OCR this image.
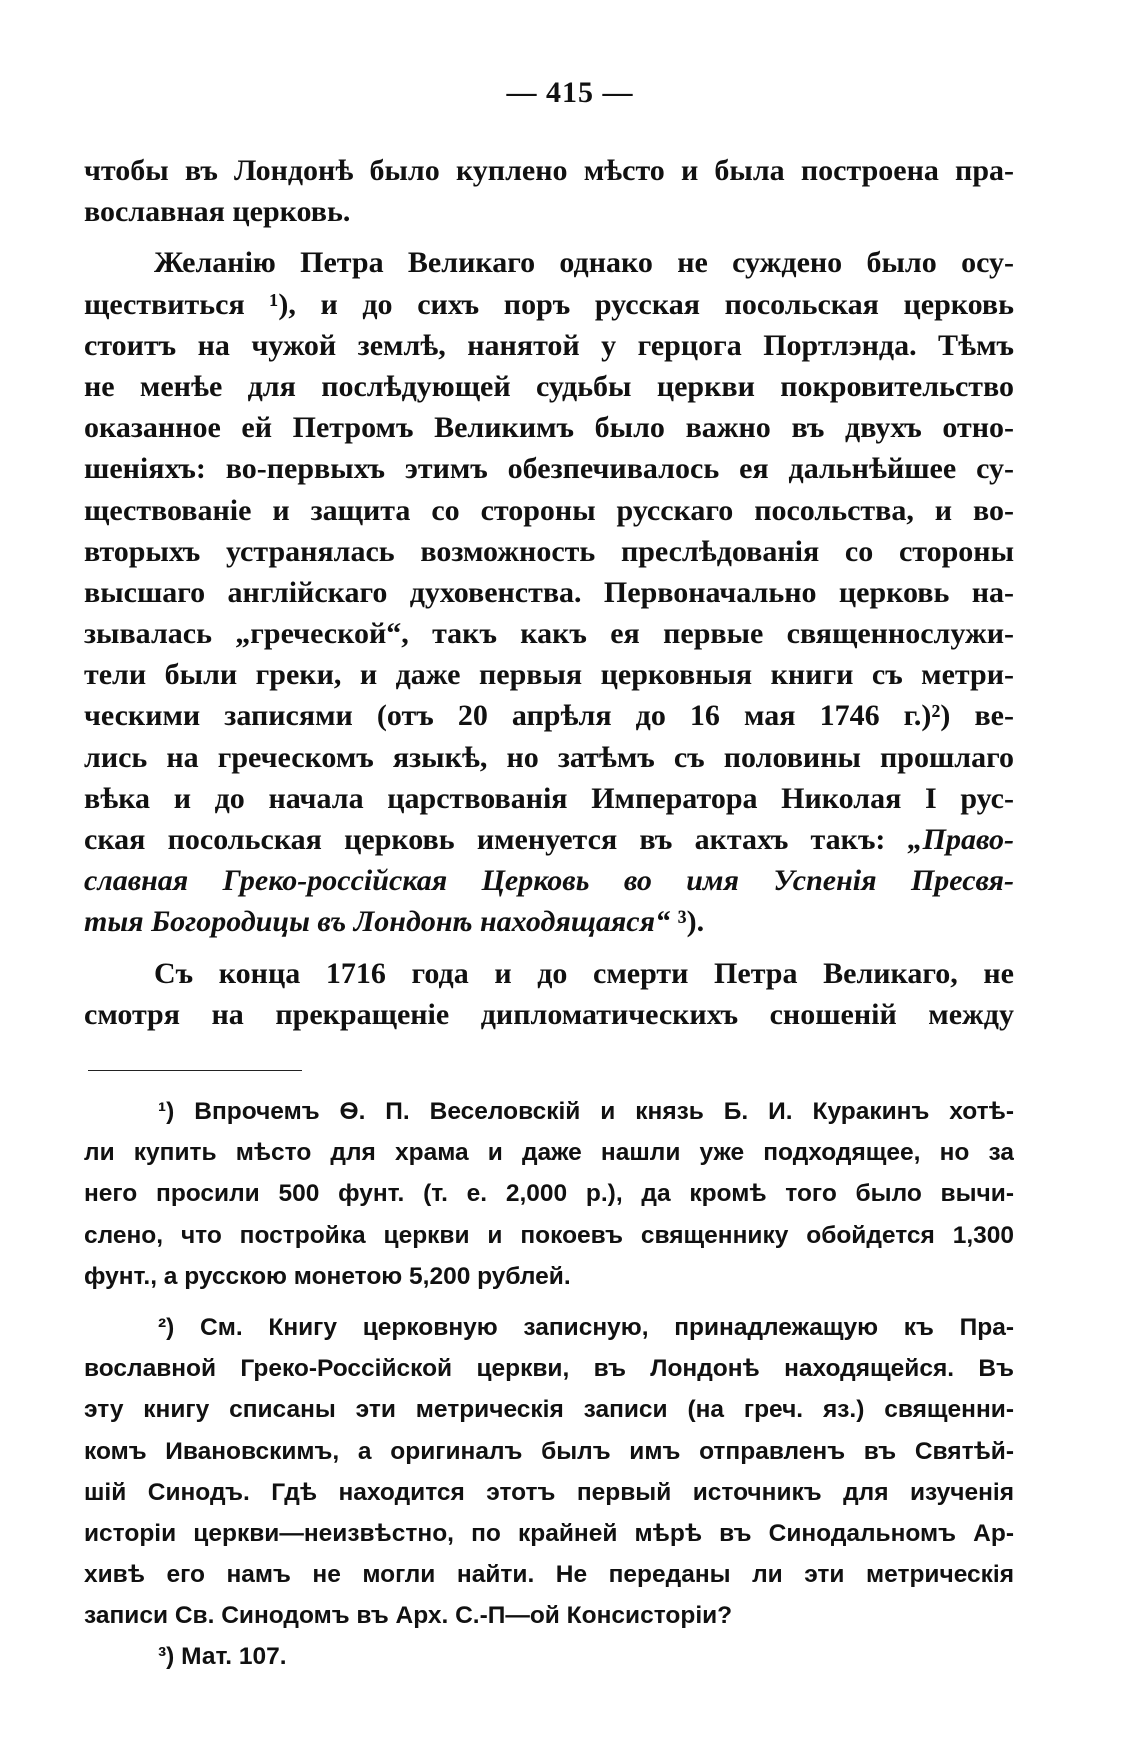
— 415 —
чтобы въ Лондонѣ было куплено мѣсто и была построена пра-
вославная церковь.
Желанію Петра Великаго однако не суждено было осу-
ществиться ¹), и до сихъ поръ русская посольская церковь
стоитъ на чужой землѣ, нанятой у герцога Портлэнда. Тѣмъ
не менѣе для послѣдующей судьбы церкви покровительство
оказанное ей Петромъ Великимъ было важно въ двухъ отно-
шеніяхъ: во-первыхъ этимъ обезпечивалось ея дальнѣйшее су-
ществованіе и защита со стороны русскаго посольства, и во-
вторыхъ устранялась возможность преслѣдованія со стороны
высшаго англійскаго духовенства. Первоначально церковь на-
зывалась „греческой“, такъ какъ ея первые священнослужи-
тели были греки, и даже первыя церковныя книги съ метри-
ческими записями (отъ 20 апрѣля до 16 мая 1746 г.)²) ве-
лись на греческомъ языкѣ, но затѣмъ съ половины прошлаго
вѣка и до начала царствованія Императора Николая I рус-
ская посольская церковь именуется въ актахъ такъ: „Право-
славная Греко-россійская Церковь во имя Успенія Пресвя-
тыя Богородицы въ Лондонѣ находящаяся“ ³).
Съ конца 1716 года и до смерти Петра Великаго, не
смотря на прекращеніе дипломатическихъ сношеній между
¹) Впрочемъ Ѳ. П. Веселовскій и князь Б. И. Куракинъ хотѣ-
ли купить мѣсто для храма и даже нашли уже подходящее, но за
него просили 500 фунт. (т. е. 2,000 р.), да кромѣ того было вычи-
слено, что постройка церкви и покоевъ священнику обойдется 1,300
фунт., а русскою монетою 5,200 рублей.
²) См. Книгу церковную записную, принадлежащую къ Пра-
вославной Греко-Россійской церкви, въ Лондонѣ находящейся. Въ
эту книгу списаны эти метрическія записи (на греч. яз.) священни-
комъ Ивановскимъ, а оригиналъ былъ имъ отправленъ въ Святѣй-
шій Синодъ. Гдѣ находится этотъ первый источникъ для изученія
исторіи церкви—неизвѣстно, по крайней мѣрѣ въ Синодальномъ Ар-
хивѣ его намъ не могли найти. Не переданы ли эти метрическія
записи Св. Синодомъ въ Арх. С.-П—ой Консисторіи?
³) Мат. 107.
